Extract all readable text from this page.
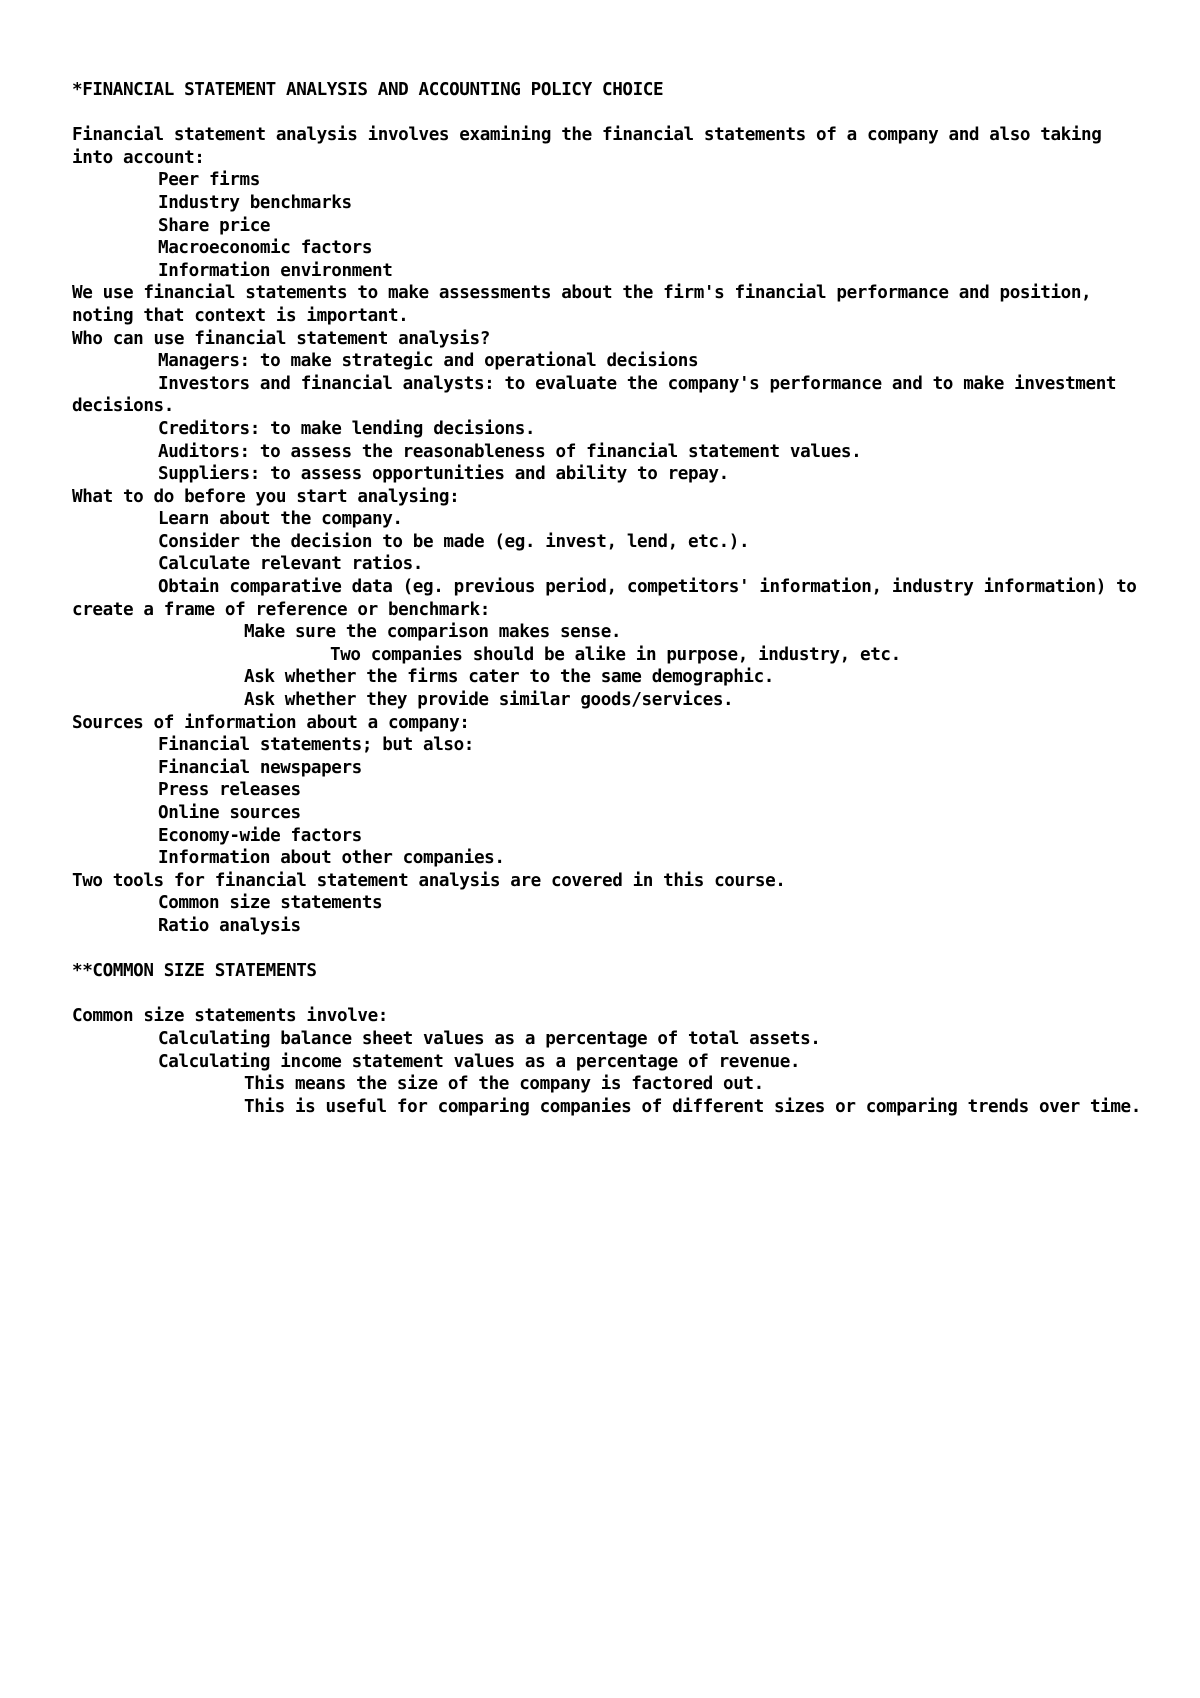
*FINANCIAL STATEMENT ANALYSIS AND ACCOUNTING POLICY CHOICE
Financial statement analysis involves examining the financial statements of a company and also taking into account:
Peer firms
Industry benchmarks
Share price
Macroeconomic factors
Information environment
We use financial statements to make assessments about the firm's financial performance and position, noting that context is important.
Who can use financial statement analysis?
Managers: to make strategic and operational decisions
Investors and financial analysts: to evaluate the company's performance and to make investment decisions.
Creditors: to make lending decisions.
Auditors: to assess the reasonableness of financial statement values.
Suppliers: to assess opportunities and ability to repay.
What to do before you start analysing:
Learn about the company.
Consider the decision to be made (eg. invest, lend, etc.).
Calculate relevant ratios.
Obtain comparative data (eg. previous period, competitors' information, industry information) to create a frame of reference or benchmark:
Make sure the comparison makes sense.
Two companies should be alike in purpose, industry, etc.
Ask whether the firms cater to the same demographic.
Ask whether they provide similar goods/services.
Sources of information about a company:
Financial statements; but also:
Financial newspapers
Press releases
Online sources
Economy-wide factors
Information about other companies.
Two tools for financial statement analysis are covered in this course.
Common size statements
Ratio analysis
**COMMON SIZE STATEMENTS
Common size statements involve:
Calculating balance sheet values as a percentage of total assets.
Calculating income statement values as a percentage of revenue.
This means the size of the company is factored out.
This is useful for comparing companies of different sizes or comparing trends over time.
